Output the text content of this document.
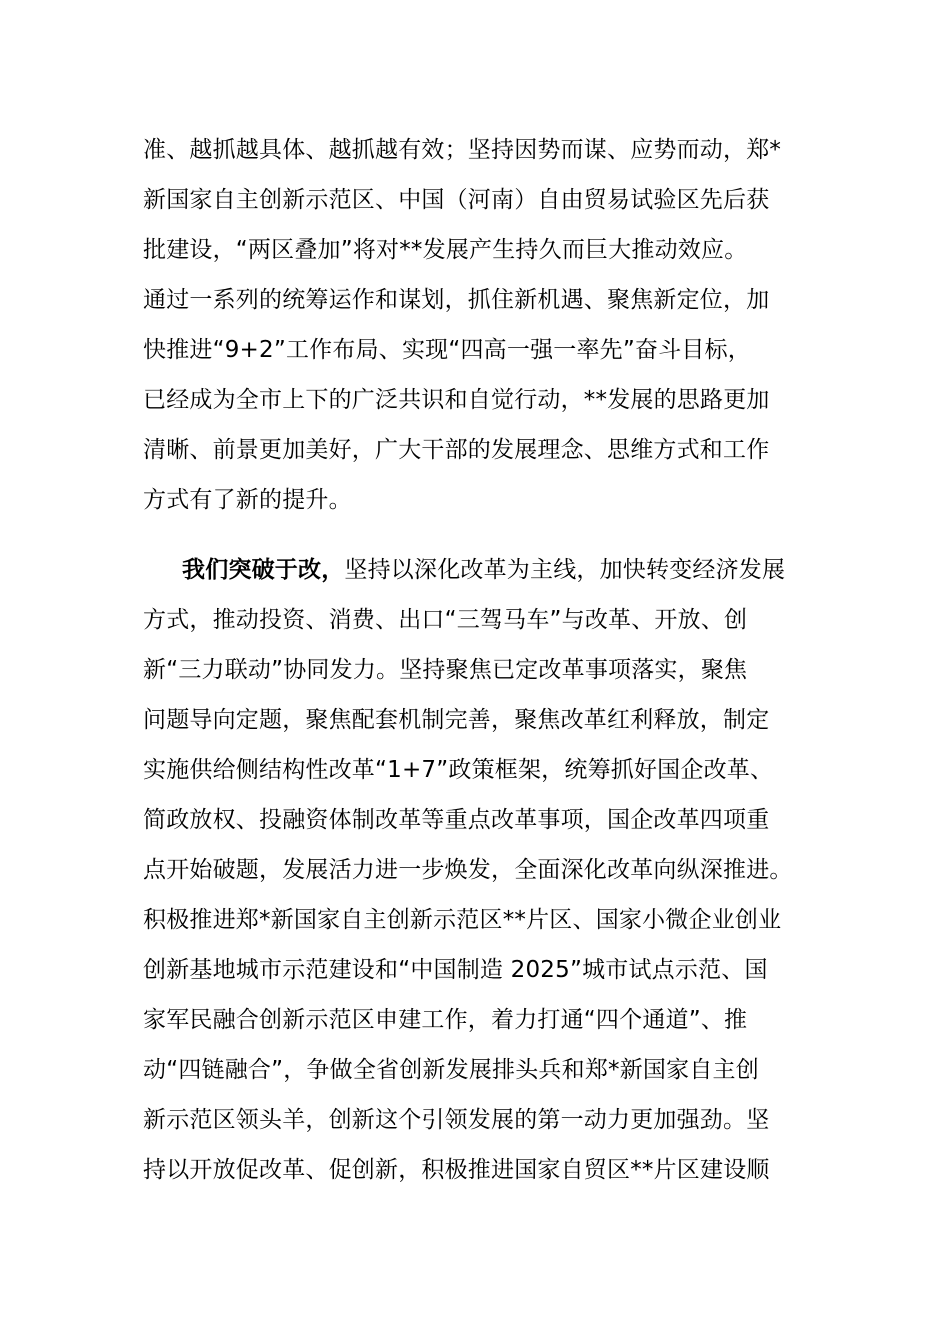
准、越抓越具体、越抓越有效；坚持因势而谋、应势而动，郑*
新国家自主创新示范区、中国（河南）自由贸易试验区先后获
批建设，“两区叠加”将对**发展产生持久而巨大推动效应。
通过一系列的统筹运作和谋划，抓住新机遇、聚焦新定位，加
快推进“9+2”工作布局、实现“四高一强一率先”奋斗目标，
已经成为全市上下的广泛共识和自觉行动，**发展的思路更加
清晰、前景更加美好，广大干部的发展理念、思维方式和工作
方式有了新的提升。
我们突破于改，坚持以深化改革为主线，加快转变经济发展
方式，推动投资、消费、出口“三驾马车”与改革、开放、创
新“三力联动”协同发力。坚持聚焦已定改革事项落实，聚焦
问题导向定题，聚焦配套机制完善，聚焦改革红利释放，制定
实施供给侧结构性改革“1+7”政策框架，统筹抓好国企改革、
简政放权、投融资体制改革等重点改革事项，国企改革四项重
点开始破题，发展活力进一步焕发，全面深化改革向纵深推进。
积极推进郑*新国家自主创新示范区**片区、国家小微企业创业
创新基地城市示范建设和“中国制造 2025”城市试点示范、国
家军民融合创新示范区申建工作，着力打通“四个通道”、推
动“四链融合”，争做全省创新发展排头兵和郑*新国家自主创
新示范区领头羊，创新这个引领发展的第一动力更加强劲。坚
持以开放促改革、促创新，积极推进国家自贸区**片区建设顺
